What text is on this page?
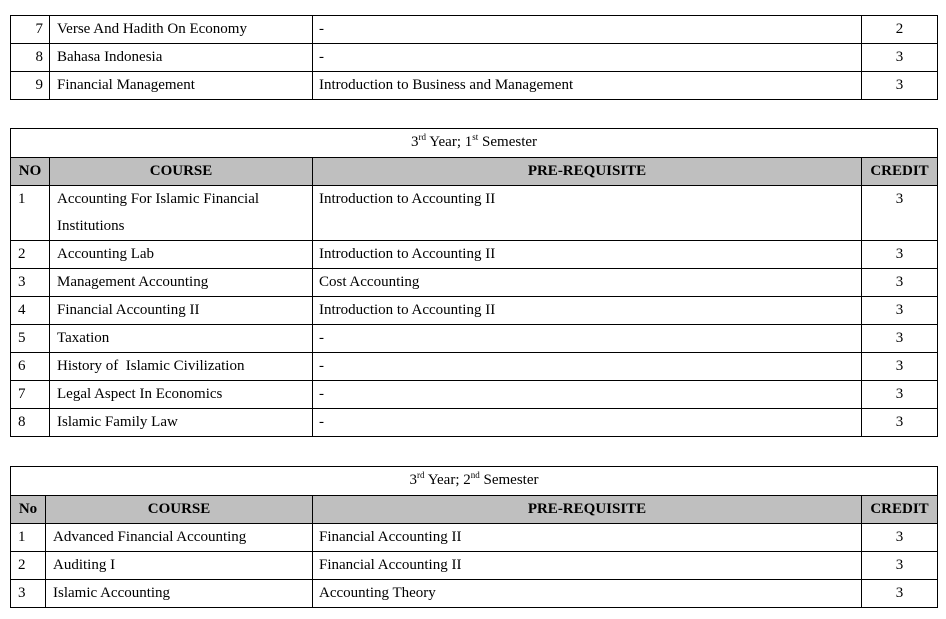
7	Verse And Hadith On Economy	-	2
8	Bahasa Indonesia	-	3
9	Financial Management	Introduction to Business and Management	3
3rd Year; 1st Semester			
NO	COURSE	PRE-REQUISITE	CREDIT
1	Accounting For Islamic Financial Institutions	Introduction to Accounting II	3
2	Accounting Lab	Introduction to Accounting II	3
3	Management Accounting	Cost Accounting	3
4	Financial Accounting II	Introduction to Accounting II	3
5	Taxation	-	3
6	History of  Islamic Civilization	-	3
7	Legal Aspect In Economics	-	3
8	Islamic Family Law	-	3
3rd Year; 2nd Semester			
No	COURSE	PRE-REQUISITE	CREDIT
1	Advanced Financial Accounting	Financial Accounting II	3
2	Auditing I	Financial Accounting II	3
3	Islamic Accounting	Accounting Theory	3
